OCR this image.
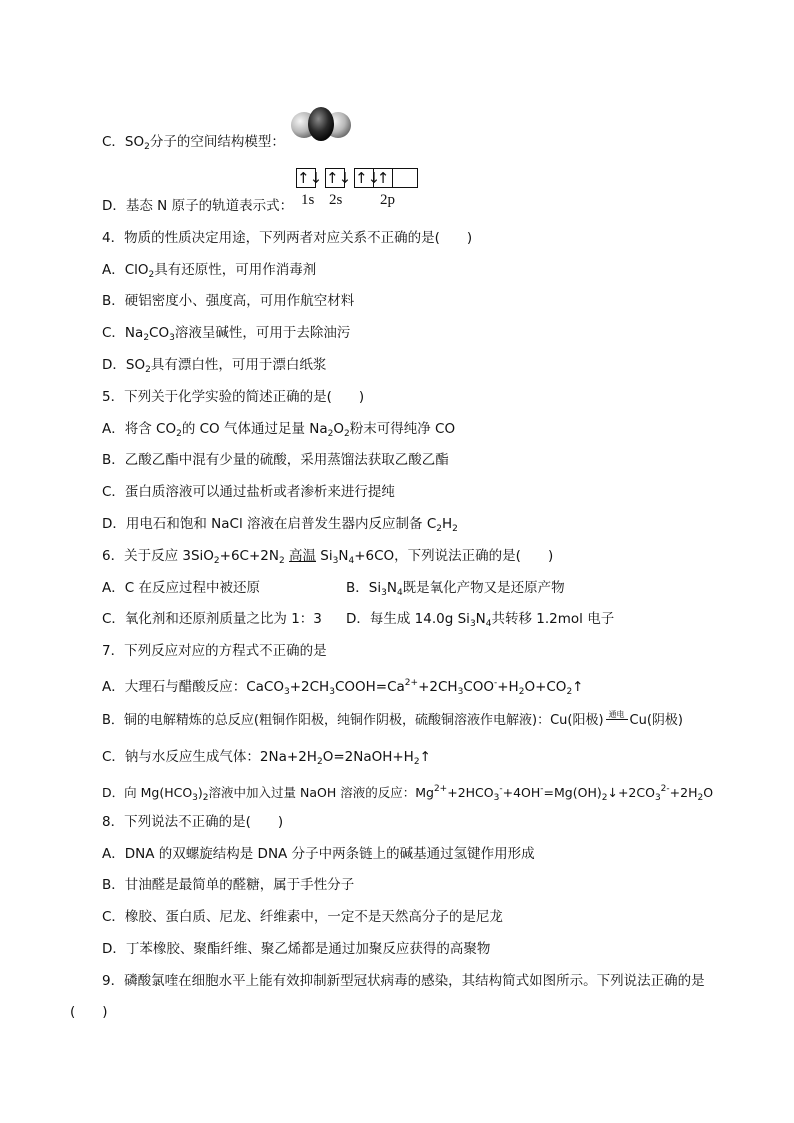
C．$SO_2$分子的空间结构模型：
D．基态 N 原子的轨道表示式：
↑↓ ↑↓ ↑↓
↑
1s 2s	2p
4．物质的性质决定用途，下列两者对应关系不正确的是(　　)
A．ClO$_2$具有还原性，可用作消毒剂
B．硬铝密度小、强度高，可用作航空材料
C．$Na_2CO_3$溶液呈碱性，可用于去除油污
D．$SO_2$具有漂白性，可用于漂白纸浆
5．下列关于化学实验的简述正确的是(　　)
A．将含 $CO_2$的 CO 气体通过足量 $Na_2O_2$粉末可得纯净 CO
B．乙酸乙酯中混有少量的硫酸，采用蒸馏法获取乙酸乙酯
C．蛋白质溶液可以通过盐析或者渗析来进行提纯
D．用电石和饱和 NaCl 溶液在启普发生器内反应制备 $C_2H_2$
6．关于反应 $3SiO_2+6C+2N_2$ 高温 $Si_3N_4+6CO$，下列说法正确的是(　　)
A．C 在反应过程中被还原	B．$Si_3N_4$既是氧化产物又是还原产物
C．氧化剂和还原剂质量之比为 1：3 D．每生成 14.0g $Si_3N_4$共转移 1.2mol 电子
7．下列反应对应的方程式不正确的是
A．大理石与醋酸反应：$CaCO_3+2CH_3COOH=Ca^{2+}+2CH_3COO^-+H_2O+CO_2↑$
B．铜的电解精炼的总反应(粗铜作阳极，纯铜作阴极，硫酸铜溶液作电解液)：Cu(阳极) 通电 Cu(阴极)
C．钠与水反应生成气体：$2Na+2H_2O=2NaOH+H_2↑$
D．向 $Mg(HCO_3)_2$溶液中加入过量 NaOH 溶液的反应：$Mg^{2+}+2HCO_3^-+4OH^-=Mg(OH)_2↓+2CO_3^{2-}+2H_2O$
8．下列说法不正确的是(　　)
A．DNA 的双螺旋结构是 DNA 分子中两条链上的碱基通过氢键作用形成
B．甘油醛是最简单的醛糖，属于手性分子
C．橡胶、蛋白质、尼龙、纤维素中，一定不是天然高分子的是尼龙
D．丁苯橡胶、聚酯纤维、聚乙烯都是通过加聚反应获得的高聚物
9．磷酸氯喹在细胞水平上能有效抑制新型冠状病毒的感染，其结构简式如图所示。下列说法正确的是
(　　)
